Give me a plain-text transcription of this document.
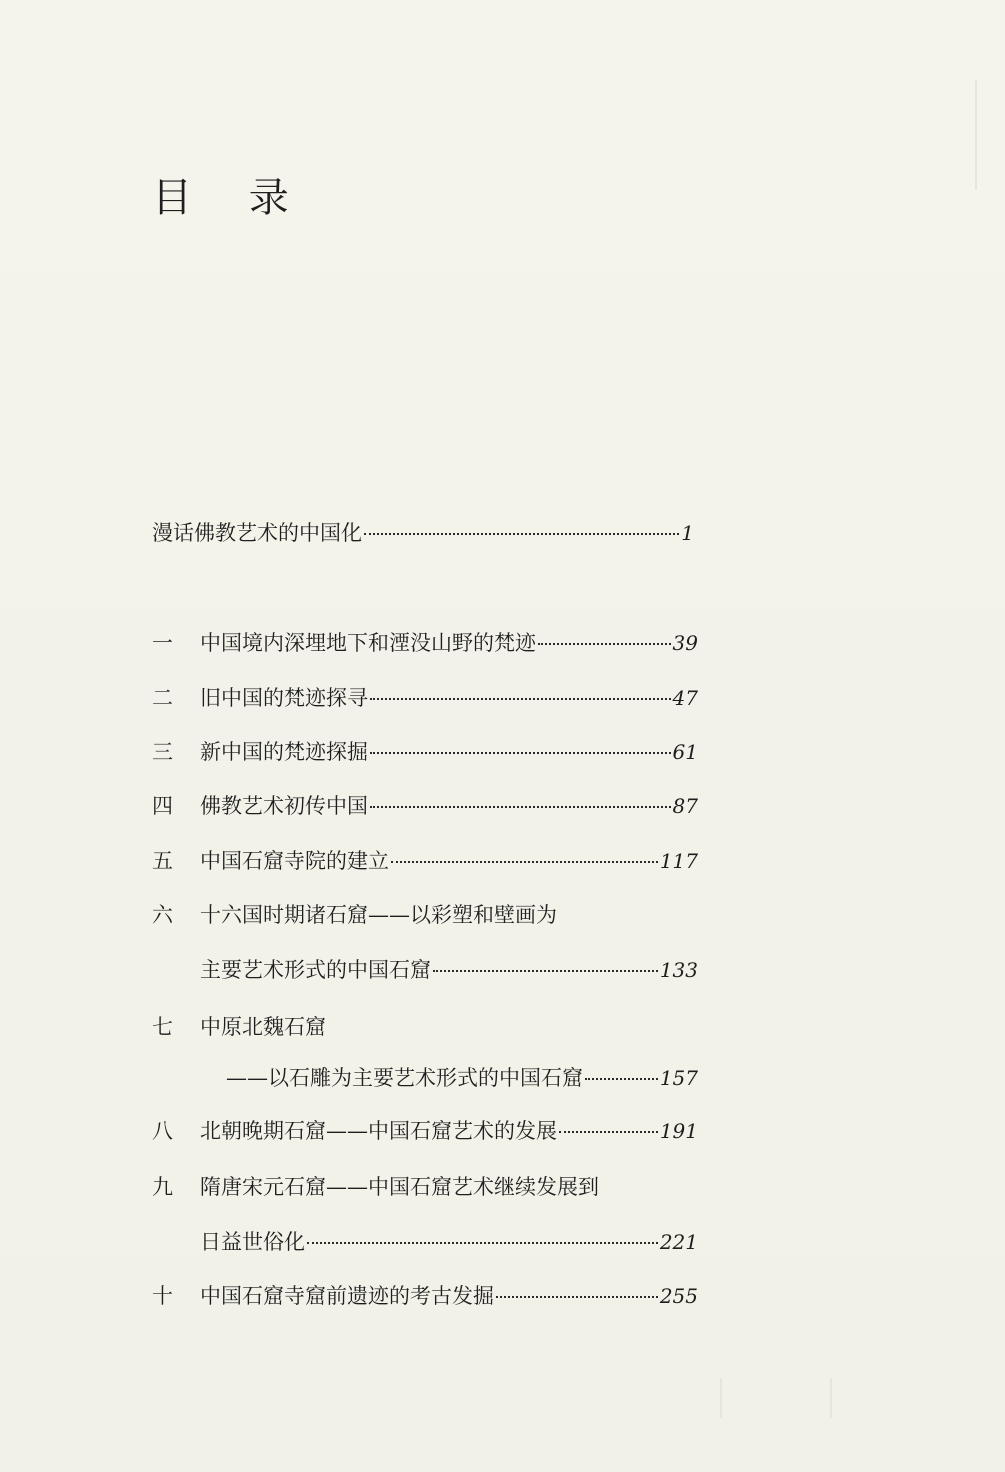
目 录
漫话佛教艺术的中国化	1
一	中国境内深埋地下和湮没山野的梵迹	39
二	旧中国的梵迹探寻	47
三	新中国的梵迹探掘	61
四	佛教艺术初传中国	87
五	中国石窟寺院的建立	117
六 十六国时期诸石窟——以彩塑和壁画为
主要艺术形式的中国石窟	133
七 中原北魏石窟
——以石雕为主要艺术形式的中国石窟	157
八	北朝晚期石窟——中国石窟艺术的发展	191
九 隋唐宋元石窟——中国石窟艺术继续发展到
日益世俗化	221
十	中国石窟寺窟前遗迹的考古发掘	255
